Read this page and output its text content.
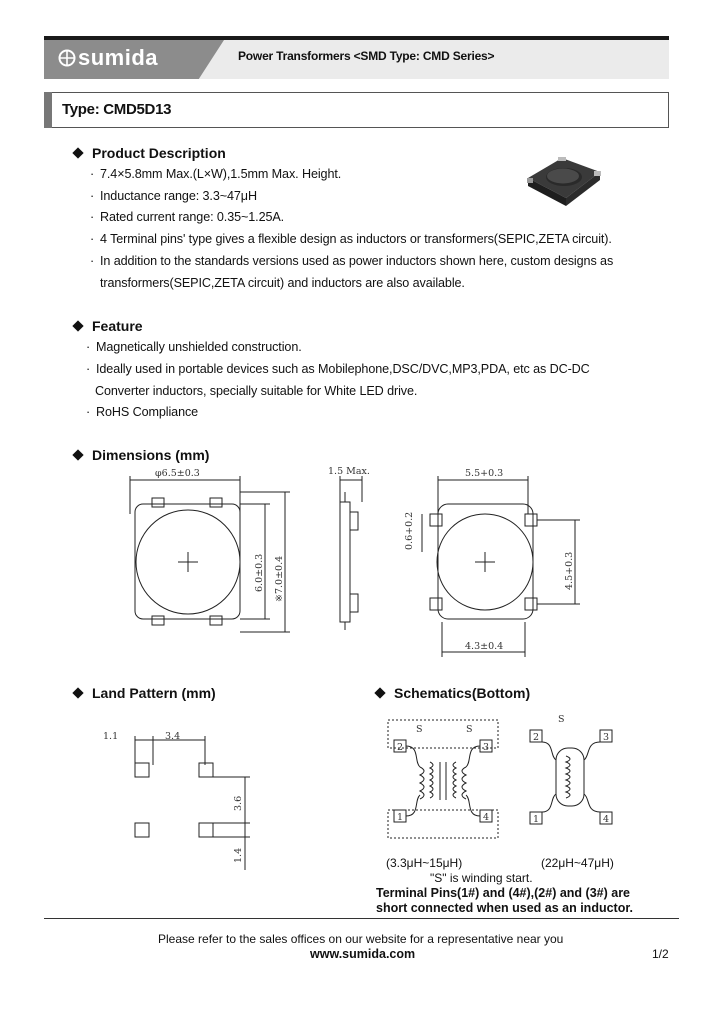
sumida	Power Transformers <SMD Type: CMD Series>
Type: CMD5D13
Product Description
· 7.4×5.8mm Max.(L×W),1.5mm Max. Height.
· Inductance range: 3.3~47μH
· Rated current range: 0.35~1.25A.
· 4 Terminal pins' type gives a flexible design as inductors or transformers(SEPIC,ZETA circuit).
· In addition to the standards versions used as power inductors shown here, custom designs as
transformers(SEPIC,ZETA circuit) and inductors are also available.
Feature
· Magnetically unshielded construction.
· Ideally used in portable devices such as Mobilephone,DSC/DVC,MP3,PDA, etc as DC-DC
Converter inductors, specially suitable for White LED drive.
· RoHS Compliance
Dimensions (mm)
φ6.5±0.3	1.5 Max.	5.5+0.3
6.0±0.3 ※7.0±0.4
0.6+0.2
4.5+0.3
4.3±0.4
Land Pattern (mm)
1.1	3.4
3.6
1.4
Schematics(Bottom)
S	S
2	3
1	4
2	3
1	4
S
(3.3μH~15μH)	(22μH~47μH)
"S" is winding start.
Terminal Pins(1#) and (4#),(2#) and (3#) are
short connected when used as an inductor.
Please refer to the sales offices on our website for a representative near you
www.sumida.com	1/2
